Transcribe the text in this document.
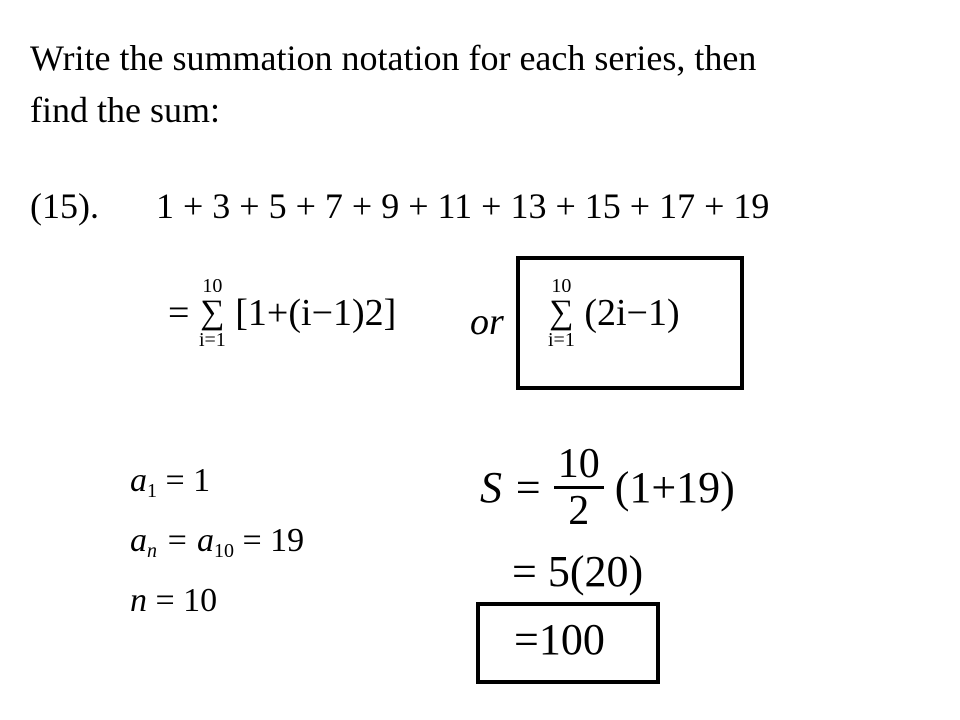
Write the summation notation for each series, then
find the sum:
(15). 1 + 3 + 5 + 7 + 9 + 11 + 13 + 15 + 17 + 19
=
10
∑
i=1
[1+(i−1)2] or
10
∑
i=1
(2i−1)
$a_1 = 1$
$a_n = a_{10} = 19$
n = 10
$S = \frac{10}{2} (1+19)$
= 5(20)
=100
